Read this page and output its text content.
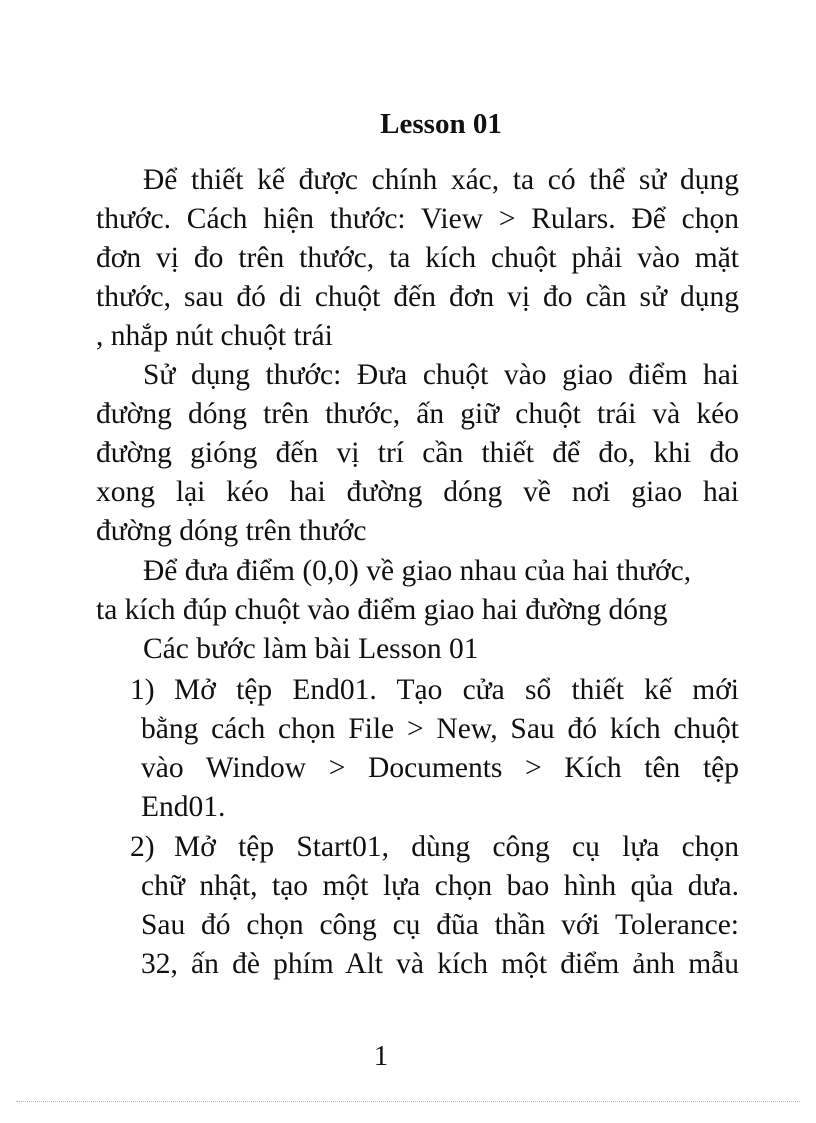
Lesson 01
Để thiết kế được chính xác, ta có thể sử dụng
thước. Cách hiện thước: View > Rulars. Để chọn
đơn vị đo trên thước, ta kích chuột phải vào mặt
thước, sau đó di chuột đến đơn vị đo cần sử dụng
, nhắp nút chuột trái
Sử dụng thước: Đưa chuột vào giao điểm hai
đường dóng trên thước, ấn giữ chuột trái và kéo
đường gióng đến vị trí cần thiết để đo, khi đo
xong lại kéo hai đường dóng về nơi giao hai
đường dóng trên thước
Để đưa điểm (0,0) về giao nhau của hai thước,
ta kích đúp chuột vào điểm giao hai đường dóng
Các bước làm bài Lesson 01
1) Mở tệp End01. Tạo cửa sổ thiết kế mới
bằng cách chọn File > New, Sau đó kích chuột
vào Window > Documents > Kích tên tệp
End01.
2) Mở tệp Start01, dùng công cụ lựa chọn
chữ nhật, tạo một lựa chọn bao hình qủa dưa.
Sau đó chọn công cụ đũa thần với Tolerance:
32, ấn đè phím Alt và kích một điểm ảnh mẫu
1
